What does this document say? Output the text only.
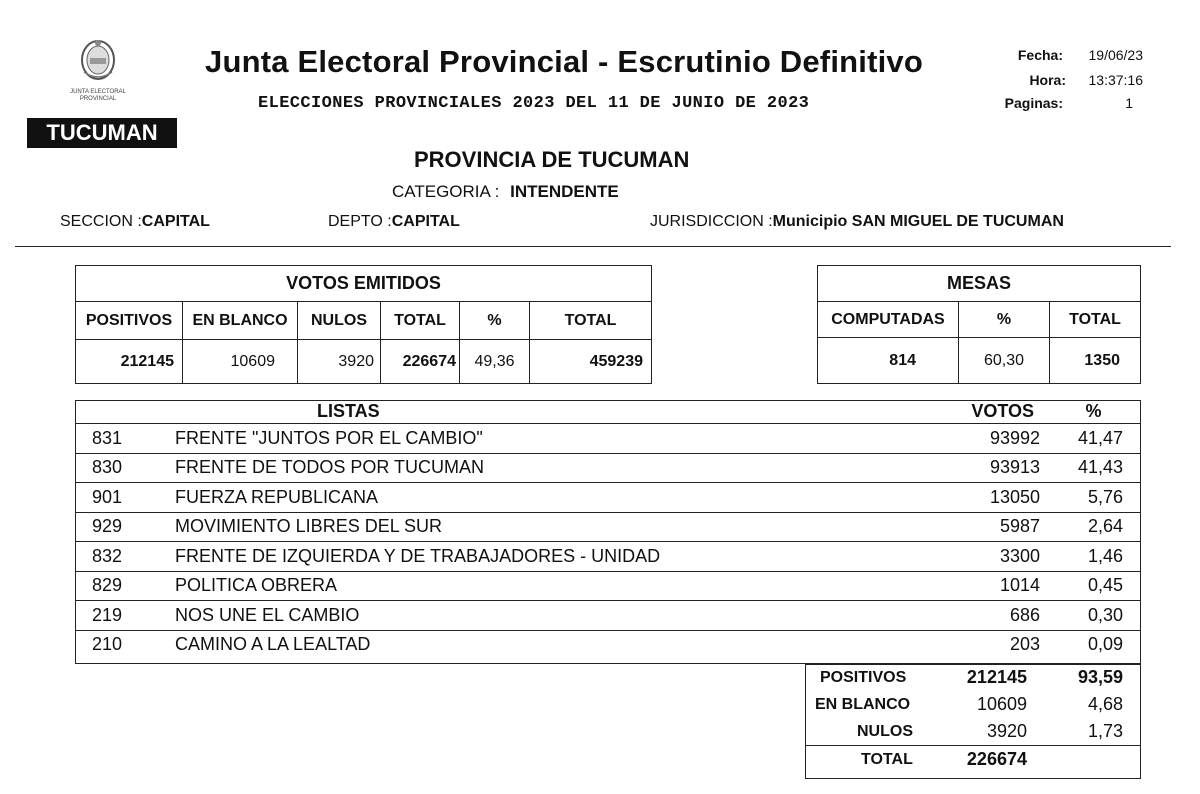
JUNTA ELECTORAL PROVINCIAL
TUCUMAN
Junta Electoral Provincial - Escrutinio Definitivo
ELECCIONES PROVINCIALES 2023 DEL 11 DE JUNIO DE 2023
Fecha:	19/06/23
Hora:	13:37:16
Paginas:	1
PROVINCIA DE TUCUMAN
CATEGORIA : INTENDENTE
SECCION :CAPITAL	DEPTO :CAPITAL	JURISDICCION :Municipio SAN MIGUEL DE TUCUMAN
VOTOS EMITIDOS					
POSITIVOS	EN BLANCO	NULOS	TOTAL	%	TOTAL
212145	10609	3920	226674	49,36	459239
MESAS		
COMPUTADAS	%	TOTAL
814	60,30	1350
	LISTAS	VOTOS	%
831	FRENTE "JUNTOS POR EL CAMBIO"	93992	41,47
830	FRENTE DE TODOS POR TUCUMAN	93913	41,43
901	FUERZA REPUBLICANA	13050	5,76
929	MOVIMIENTO LIBRES DEL SUR	5987	2,64
832	FRENTE DE IZQUIERDA Y DE TRABAJADORES - UNIDAD	3300	1,46
829	POLITICA OBRERA	1014	0,45
219	NOS UNE EL CAMBIO	686	0,30
210	CAMINO A LA LEALTAD	203	0,09
POSITIVOS	212145	93,59
EN BLANCO	10609	4,68
NULOS	3920	1,73
TOTAL	226674	
